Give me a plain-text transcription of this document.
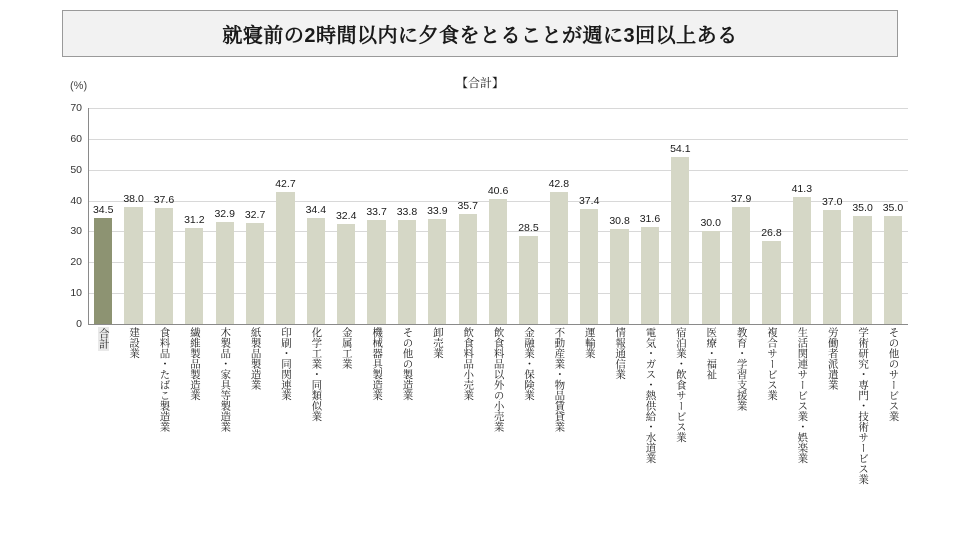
就寝前の2時間以内に夕食をとることが週に3回以上ある
【合計】
(%)
70
60
50
40
30
20
10
0
34.5
38.0 37.6
31.2 32.9 32.7
42.7
34.4
32.4 33.7 33.8 33.9 35.7
40.6
28.5
42.8
37.4
30.8 31.6
54.1
30.0
37.9
26.8
41.3
37.0
35.0 35.0
合計 建設業 食料品・たばこ製造業 繊維製品製造業 木製品・家具等製造業 紙製品製造業 印刷・同関連業 化学工業・同類似業 金属工業 機械器具製造業 その他の製造業 卸売業 飲食料品小売業 飲食料品以外の小売業 金融業・保険業 不動産業・物品賃貸業 運輸業 情報通信業 電気・ガス・熱供給・水道業 宿泊業・飲食サービス業 医療・福祉 教育・学習支援業 複合サービス業 生活関連サービス業・娯楽業 労働者派遣業 学術研究・専門・技術サービス業 その他のサービス業
